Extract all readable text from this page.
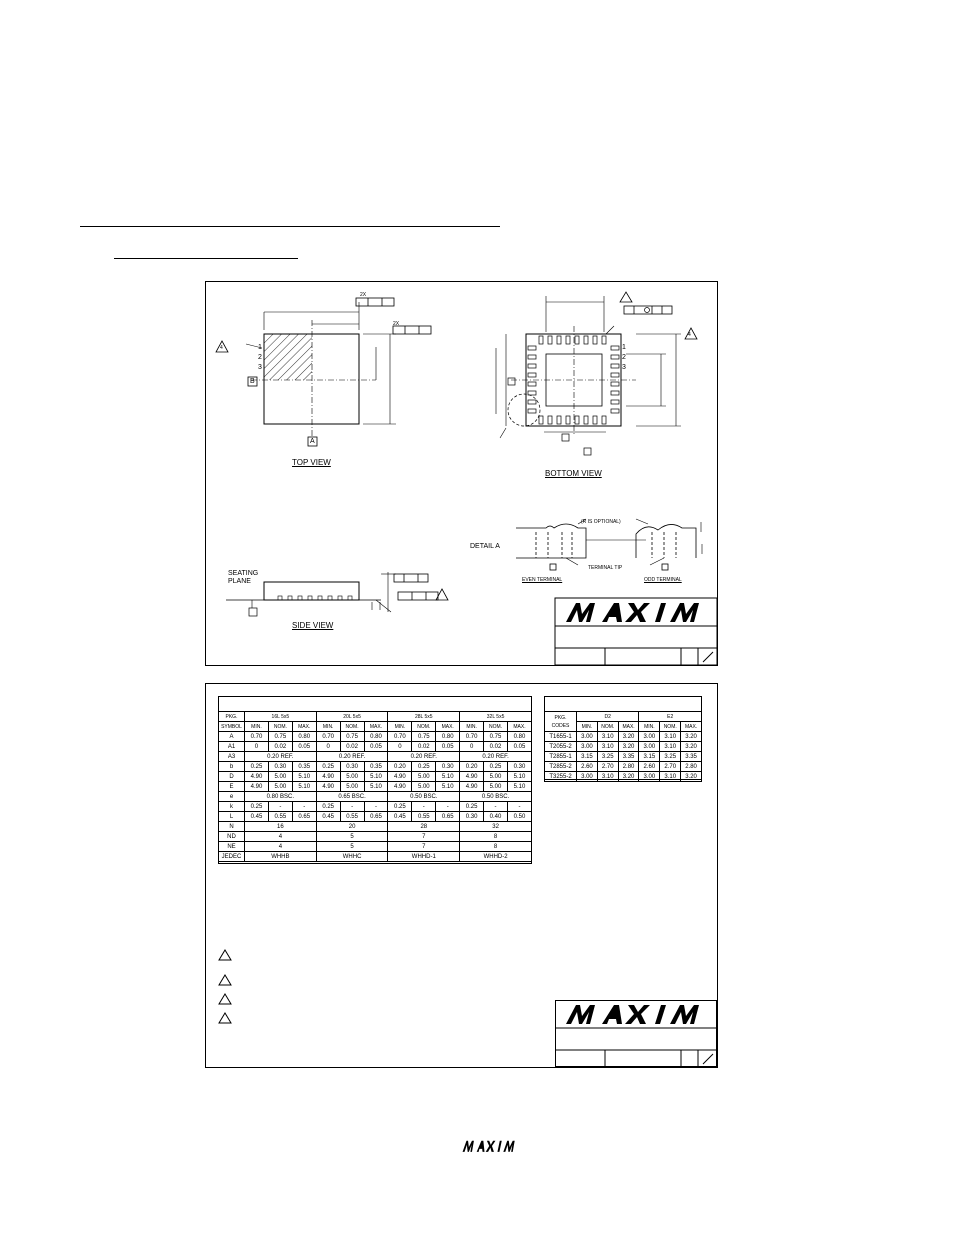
1
2
3
B
A
4
2X
2X
TOP VIEW
1
2
3
4
BOTTOM VIEW
SEATING
PLANE
SIDE VIEW
DETAIL A
(R IS OPTIONAL)
TERMINAL TIP
EVEN TERMINAL	ODD TERMINAL
PKG.	16L 5x5			20L 5x5			28L 5x5			32L 5x5		
SYMBOL	MIN.	NOM.	MAX.	MIN.	NOM.	MAX.	MIN.	NOM.	MAX.	MIN.	NOM.	MAX.
A	0.70	0.75	0.80	0.70	0.75	0.80	0.70	0.75	0.80	0.70	0.75	0.80
A1	0	0.02	0.05	0	0.02	0.05	0	0.02	0.05	0	0.02	0.05
A3	0.20 REF.			0.20 REF.			0.20 REF.			0.20 REF.		
b	0.25	0.30	0.35	0.25	0.30	0.35	0.20	0.25	0.30	0.20	0.25	0.30
D	4.90	5.00	5.10	4.90	5.00	5.10	4.90	5.00	5.10	4.90	5.00	5.10
E	4.90	5.00	5.10	4.90	5.00	5.10	4.90	5.00	5.10	4.90	5.00	5.10
e	0.80 BSC.			0.65 BSC.			0.50 BSC.			0.50 BSC.		
k	0.25	-	-	0.25	-	-	0.25	-	-	0.25	-	-
L	0.45	0.55	0.65	0.45	0.55	0.65	0.45	0.55	0.65	0.30	0.40	0.50
N	16			20			28			32		
ND	4			5			7			8		
NE	4			5			7			8		
JEDEC	WHHB			WHHC			WHHD-1			WHHD-2		
PKG.
CODES	D2			E2		
	MIN.	NOM.	MAX.	MIN.	NOM.	MAX.
T1655-1	3.00	3.10	3.20	3.00	3.10	3.20
T2055-2	3.00	3.10	3.20	3.00	3.10	3.20
T2855-1	3.15	3.25	3.35	3.15	3.25	3.35
T2855-2	2.60	2.70	2.80	2.60	2.70	2.80
T3255-2	3.00	3.10	3.20	3.00	3.10	3.20
